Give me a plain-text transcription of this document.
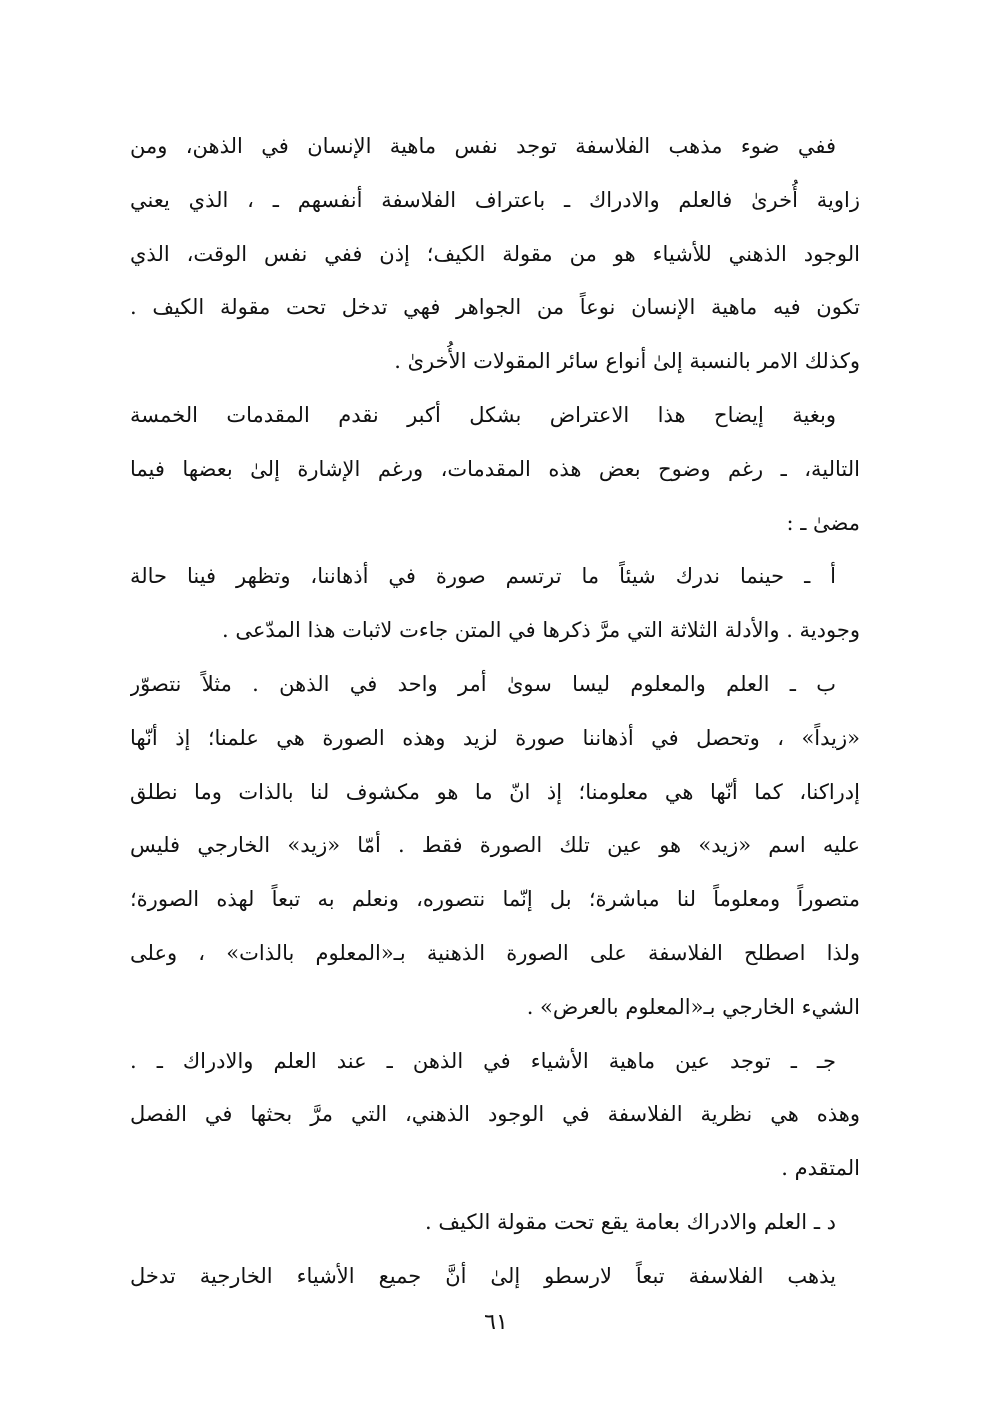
ففي ضوء مذهب الفلاسفة توجد نفس ماهية الإنسان في الذهن، ومن
زاوية أُخرىٰ فالعلم والادراك ـ باعتراف الفلاسفة أنفسهم ـ ، الذي يعني
الوجود الذهني للأشياء هو من مقولة الكيف؛ إذن ففي نفس الوقت، الذي
تكون فيه ماهية الإنسان نوعاً من الجواهر فهي تدخل تحت مقولة الكيف .
وكذلك الامر بالنسبة إلىٰ أنواع سائر المقولات الأُخرىٰ .
وبغية إيضاح هذا الاعتراض بشكل أكبر نقدم المقدمات الخمسة
التالية، ـ رغم وضوح بعض هذه المقدمات، ورغم الإشارة إلىٰ بعضها فيما
مضىٰ ـ :
أ ـ حينما ندرك شيئاً ما ترتسم صورة في أذهاننا، وتظهر فينا حالة
وجودية . والأدلة الثلاثة التي مرَّ ذكرها في المتن جاءت لاثبات هذا المدّعى .
ب ـ العلم والمعلوم ليسا سوىٰ أمر واحد في الذهن . مثلاً نتصوّر
«زيداً» ، وتحصل في أذهاننا صورة لزيد وهذه الصورة هي علمنا؛ إذ أنّها
إدراكنا، كما أنّها هي معلومنا؛ إذ انّ ما هو مكشوف لنا بالذات وما نطلق
عليه اسم «زيد» هو عين تلك الصورة فقط . أمّا «زيد» الخارجي فليس
متصوراً ومعلوماً لنا مباشرة؛ بل إنّما نتصوره، ونعلم به تبعاً لهذه الصورة؛
ولذا اصطلح الفلاسفة على الصورة الذهنية بـ«المعلوم بالذات» ، وعلى
الشيء الخارجي بـ«المعلوم بالعرض» .
جـ ـ توجد عين ماهية الأشياء في الذهن ـ عند العلم والادراك ـ .
وهذه هي نظرية الفلاسفة في الوجود الذهني، التي مرَّ بحثها في الفصل
المتقدم .
د ـ العلم والادراك بعامة يقع تحت مقولة الكيف .
يذهب الفلاسفة تبعاً لارسطو إلىٰ أنَّ جميع الأشياء الخارجية تدخل
٦١
